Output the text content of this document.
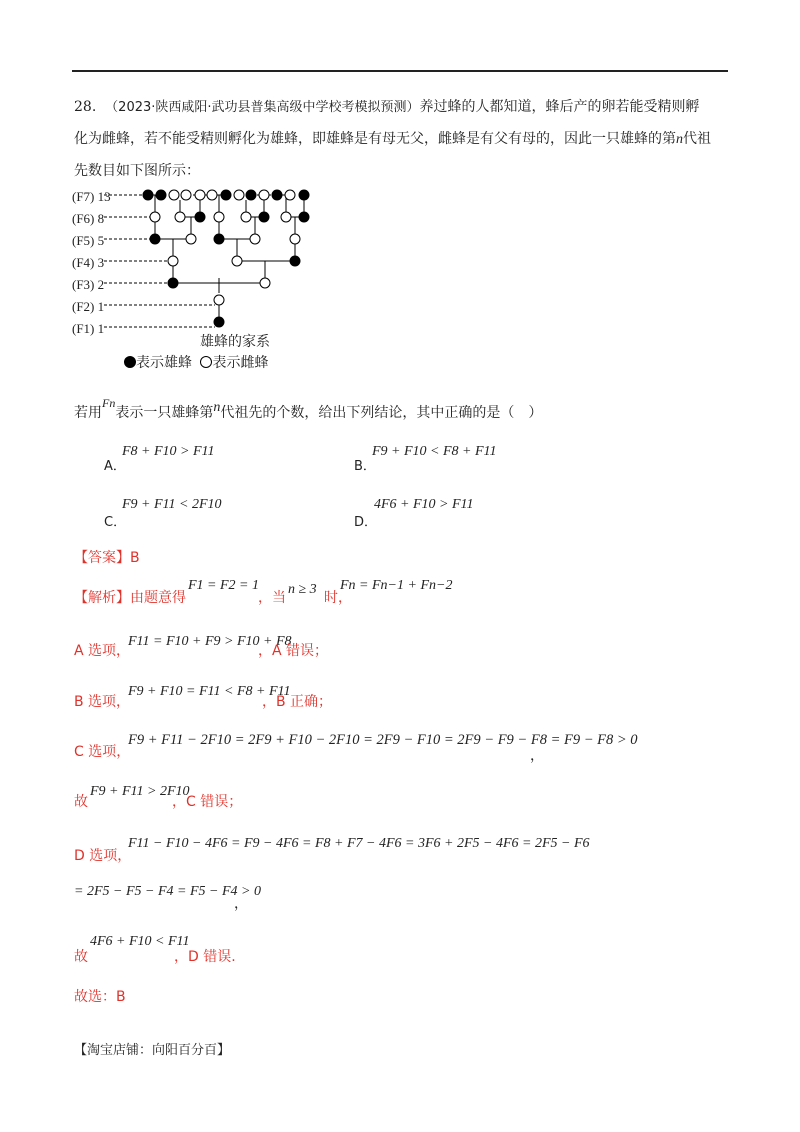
28. （2023·陕西咸阳·武功县普集高级中学校考模拟预测）养过蜂的人都知道，蜂后产的卵若能受精则孵
化为雌蜂，若不能受精则孵化为雄蜂，即雄蜂是有母无父，雌蜂是有父有母的，因此一只雄蜂的第n代祖
先数目如下图所示：
(F7) 13
(F6) 8
(F5) 5
(F4) 3
(F3) 2
(F2) 1
(F1) 1
雄蜂的家系
表示雄蜂 表示雌蜂
若用Fn表示一只雄蜂第n代祖先的个数，给出下列结论，其中正确的是（　）
A．
F8 + F10 > F11
B．
F9 + F10 < F8 + F11
C．
F9 + F11 < 2F10
D．
4F6 + F10 > F11
【答案】B
【解析】由题意得
F1 = F2 = 1
，当
n ≥ 3
时，
Fn = Fn−1 + Fn−2
A 选项，
F11 = F10 + F9 > F10 + F8
，A 错误；
B 选项，
F9 + F10 = F11 < F8 + F11
，B 正确；
C 选项，
F9 + F11 − 2F10 = 2F9 + F10 − 2F10 = 2F9 − F10 = 2F9 − F9 − F8 = F9 − F8 > 0
，
故
F9 + F11 > 2F10
，C 错误；
D 选项，
F11 − F10 − 4F6 = F9 − 4F6 = F8 + F7 − 4F6 = 3F6 + 2F5 − 4F6 = 2F5 − F6
= 2F5 − F5 − F4 = F5 − F4 > 0
，
故
4F6 + F10 < F11
，D 错误.
故选：B
【淘宝店铺：向阳百分百】
